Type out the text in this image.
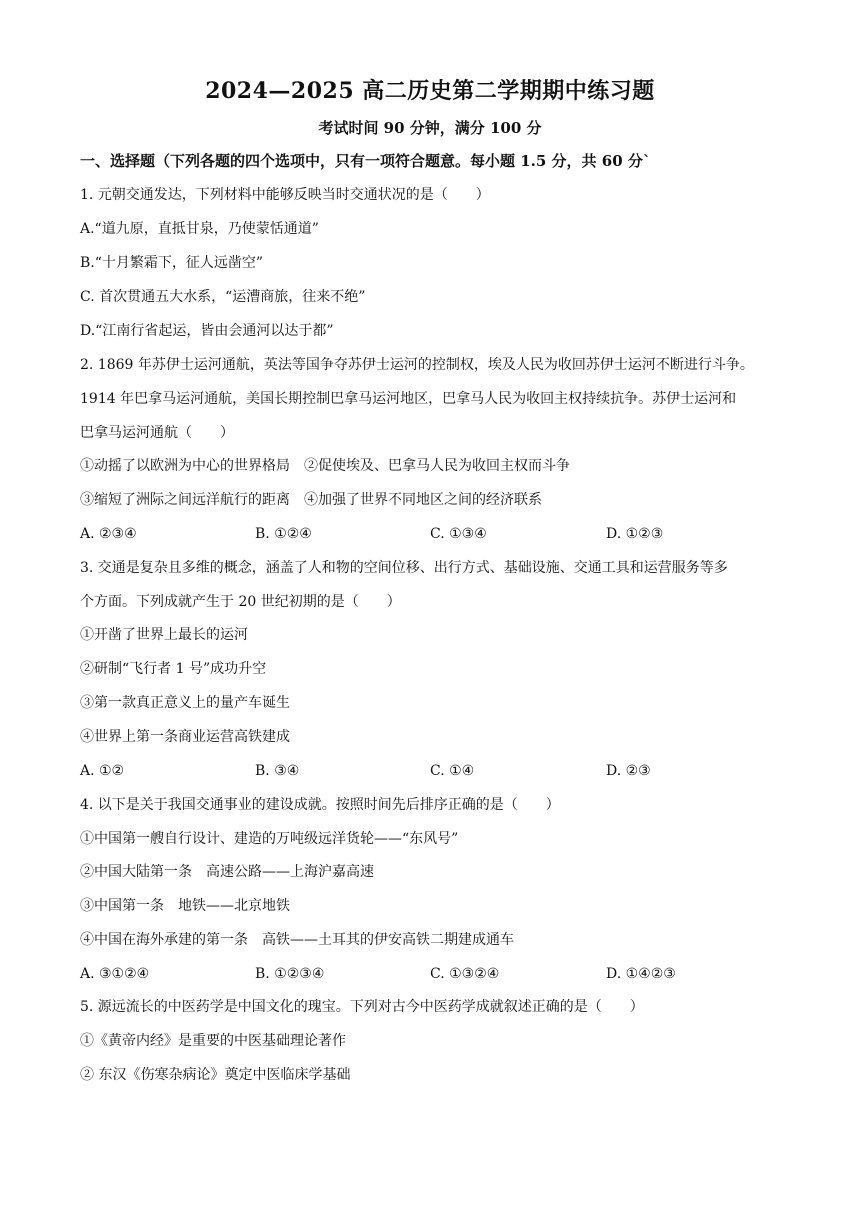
2024—2025 高二历史第二学期期中练习题
考试时间 90 分钟，满分 100 分
一、选择题（下列各题的四个选项中，只有一项符合题意。每小题 1.5 分，共 60 分`
1. 元朝交通发达，下列材料中能够反映当时交通状况的是（　　）
A.“道九原，直抵甘泉，乃使蒙恬通道”
B.“十月繁霜下，征人远凿空”
C. 首次贯通五大水系，“运漕商旅，往来不绝”
D.“江南行省起运，皆由会通河以达于都”
2. 1869 年苏伊士运河通航，英法等国争夺苏伊士运河的控制权，埃及人民为收回苏伊士运河不断进行斗争。
1914 年巴拿马运河通航，美国长期控制巴拿马运河地区，巴拿马人民为收回主权持续抗争。苏伊士运河和
巴拿马运河通航（　　）
①动摇了以欧洲为中心的世界格局　②促使埃及、巴拿马人民为收回主权而斗争
③缩短了洲际之间远洋航行的距离　④加强了世界不同地区之间的经济联系
A. ②③④	B. ①②④	C. ①③④	D. ①②③
3. 交通是复杂且多维的概念，涵盖了人和物的空间位移、出行方式、基础设施、交通工具和运营服务等多
个方面。下列成就产生于 20 世纪初期的是（　　）
①开凿了世界上最长的运河
②研制“飞行者 1 号”成功升空
③第一款真正意义上的量产车诞生
④世界上第一条商业运营高铁建成
A. ①②	B. ③④	C. ①④	D. ②③
4. 以下是关于我国交通事业的建设成就。按照时间先后排序正确的是（　　）
①中国第一艘自行设计、建造的万吨级远洋货轮——“东风号”
②中国大陆第一条　高速公路——上海沪嘉高速
③中国第一条　地铁——北京地铁
④中国在海外承建的第一条　高铁——土耳其的伊安高铁二期建成通车
A. ③①②④	B. ①②③④	C. ①③②④	D. ①④②③
5. 源远流长的中医药学是中国文化的瑰宝。下列对古今中医药学成就叙述正确的是（　　）
①《黄帝内经》是重要的中医基础理论著作
② 东汉《伤寒杂病论》奠定中医临床学基础
